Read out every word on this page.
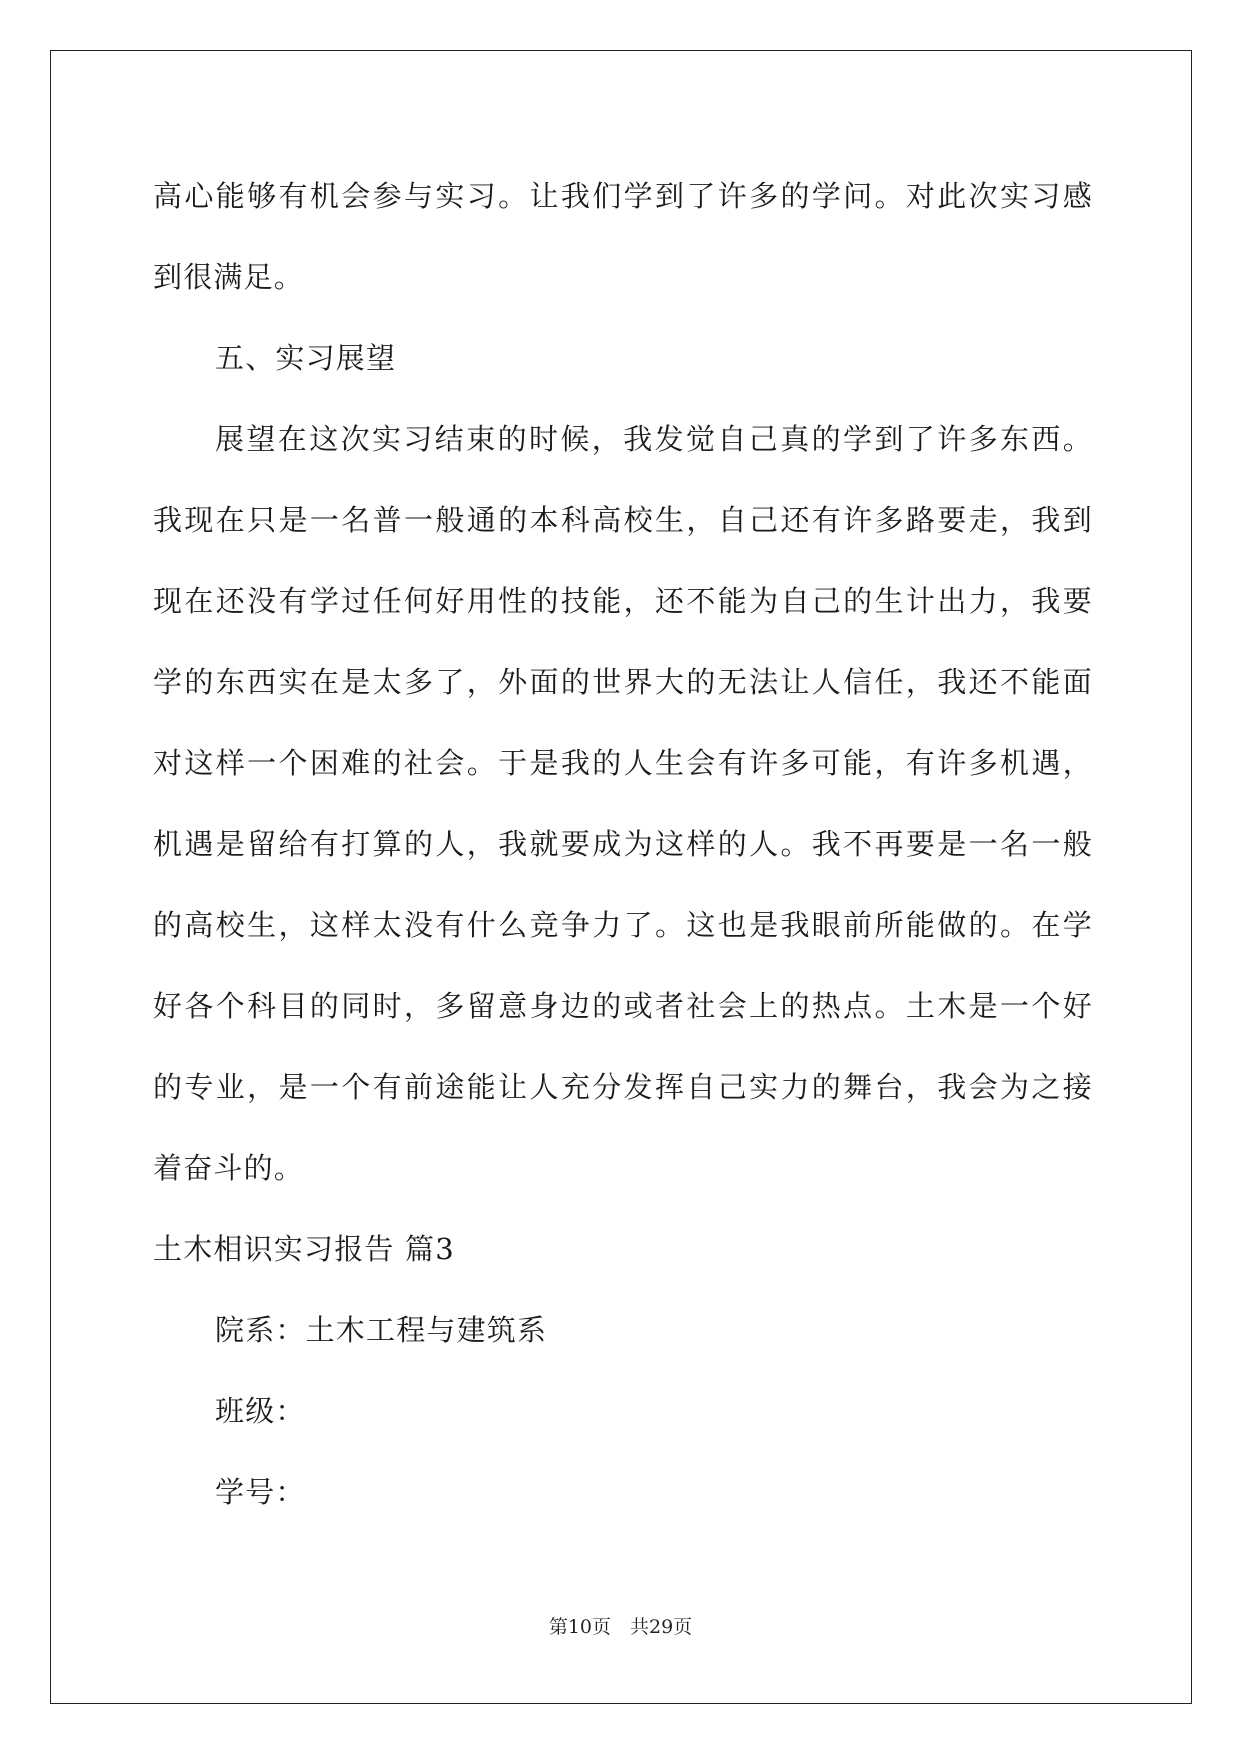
高心能够有机会参与实习。让我们学到了许多的学问。对此次实习感
到很满足。
五、实习展望
展望在这次实习结束的时候，我发觉自己真的学到了许多东西。
我现在只是一名普一般通的本科高校生，自己还有许多路要走，我到
现在还没有学过任何好用性的技能，还不能为自己的生计出力，我要
学的东西实在是太多了，外面的世界大的无法让人信任，我还不能面
对这样一个困难的社会。于是我的人生会有许多可能，有许多机遇，
机遇是留给有打算的人，我就要成为这样的人。我不再要是一名一般
的高校生，这样太没有什么竞争力了。这也是我眼前所能做的。在学
好各个科目的同时，多留意身边的或者社会上的热点。土木是一个好
的专业，是一个有前途能让人充分发挥自己实力的舞台，我会为之接
着奋斗的。
土木相识实习报告 篇3
院系：土木工程与建筑系
班级：
学号：
第10页　共29页
